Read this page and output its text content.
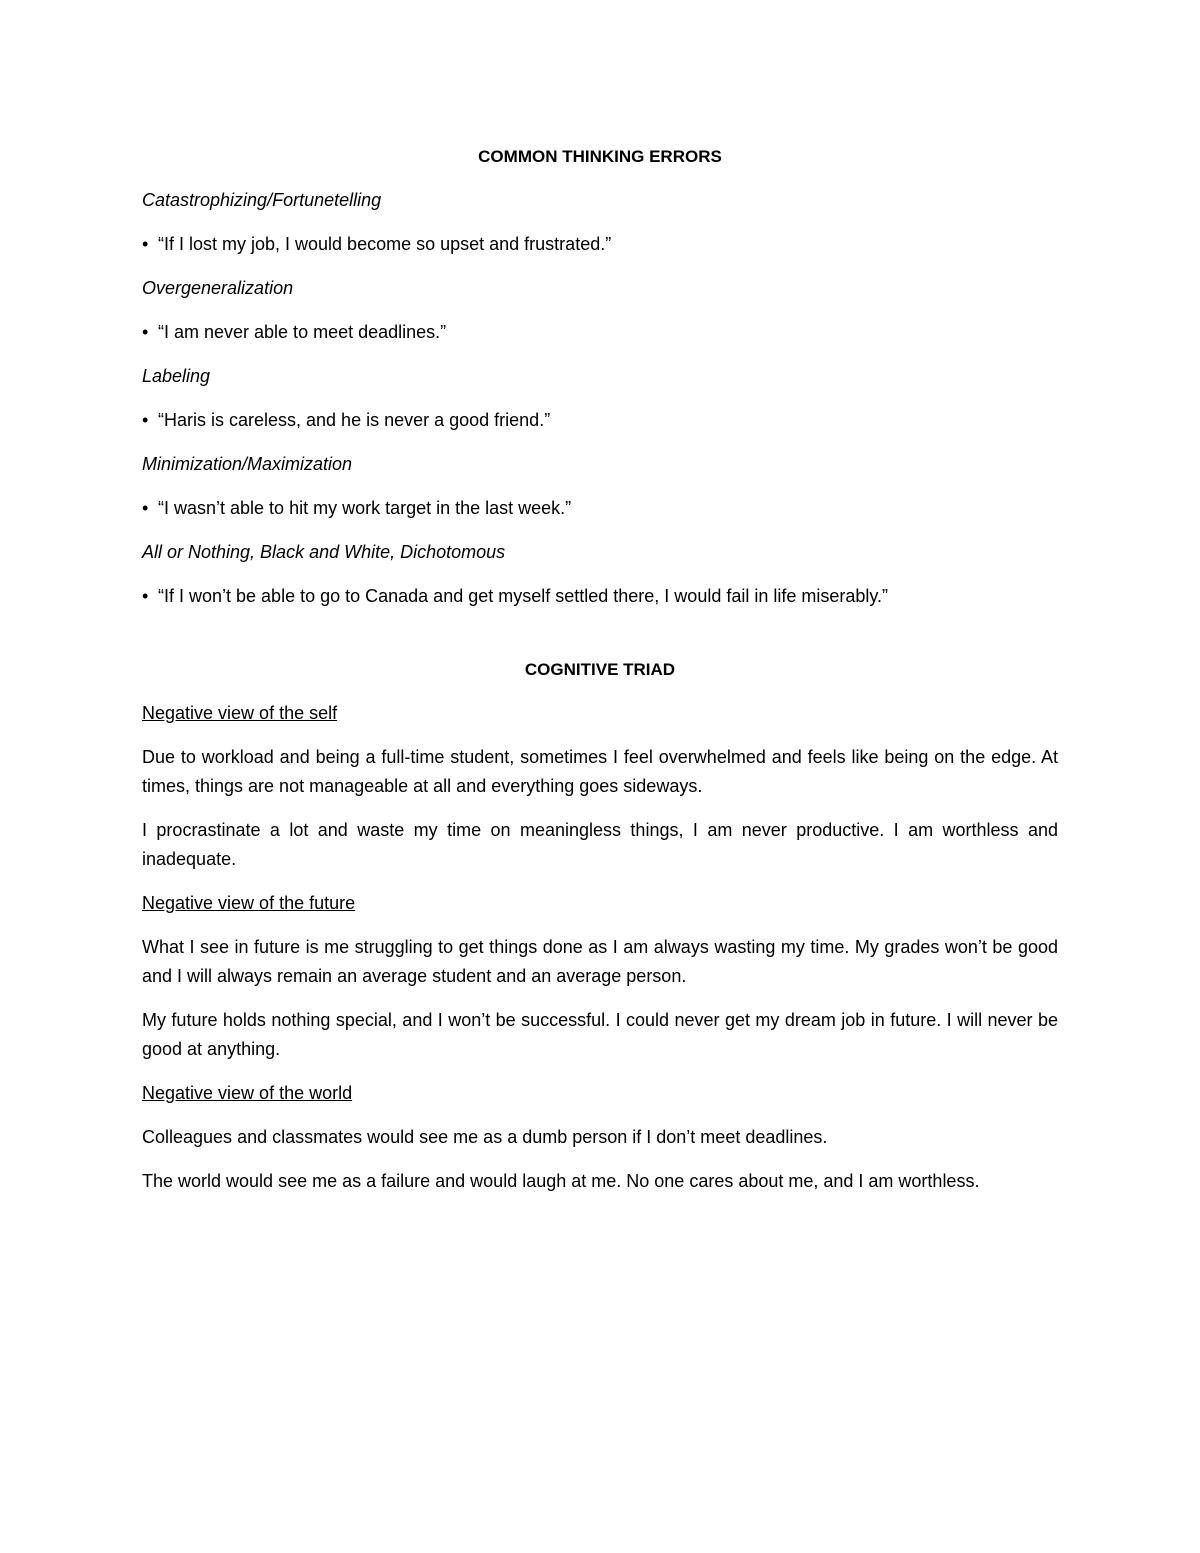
COMMON THINKING ERRORS

Catastrophizing/Fortunetelling

• “If I lost my job, I would become so upset and frustrated.”

Overgeneralization

• “I am never able to meet deadlines.”

Labeling

• “Haris is careless, and he is never a good friend.”

Minimization/Maximization

• “I wasn’t able to hit my work target in the last week.”

All or Nothing, Black and White, Dichotomous

• “If I won’t be able to go to Canada and get myself settled there, I would fail in life miserably.”

COGNITIVE TRIAD

Negative view of the self

Due to workload and being a full-time student, sometimes I feel overwhelmed and feels like being on the edge. At times, things are not manageable at all and everything goes sideways.

I procrastinate a lot and waste my time on meaningless things, I am never productive. I am worthless and inadequate.

Negative view of the future

What I see in future is me struggling to get things done as I am always wasting my time. My grades won’t be good and I will always remain an average student and an average person.

My future holds nothing special, and I won’t be successful. I could never get my dream job in future. I will never be good at anything.

Negative view of the world

Colleagues and classmates would see me as a dumb person if I don’t meet deadlines.

The world would see me as a failure and would laugh at me. No one cares about me, and I am worthless.
